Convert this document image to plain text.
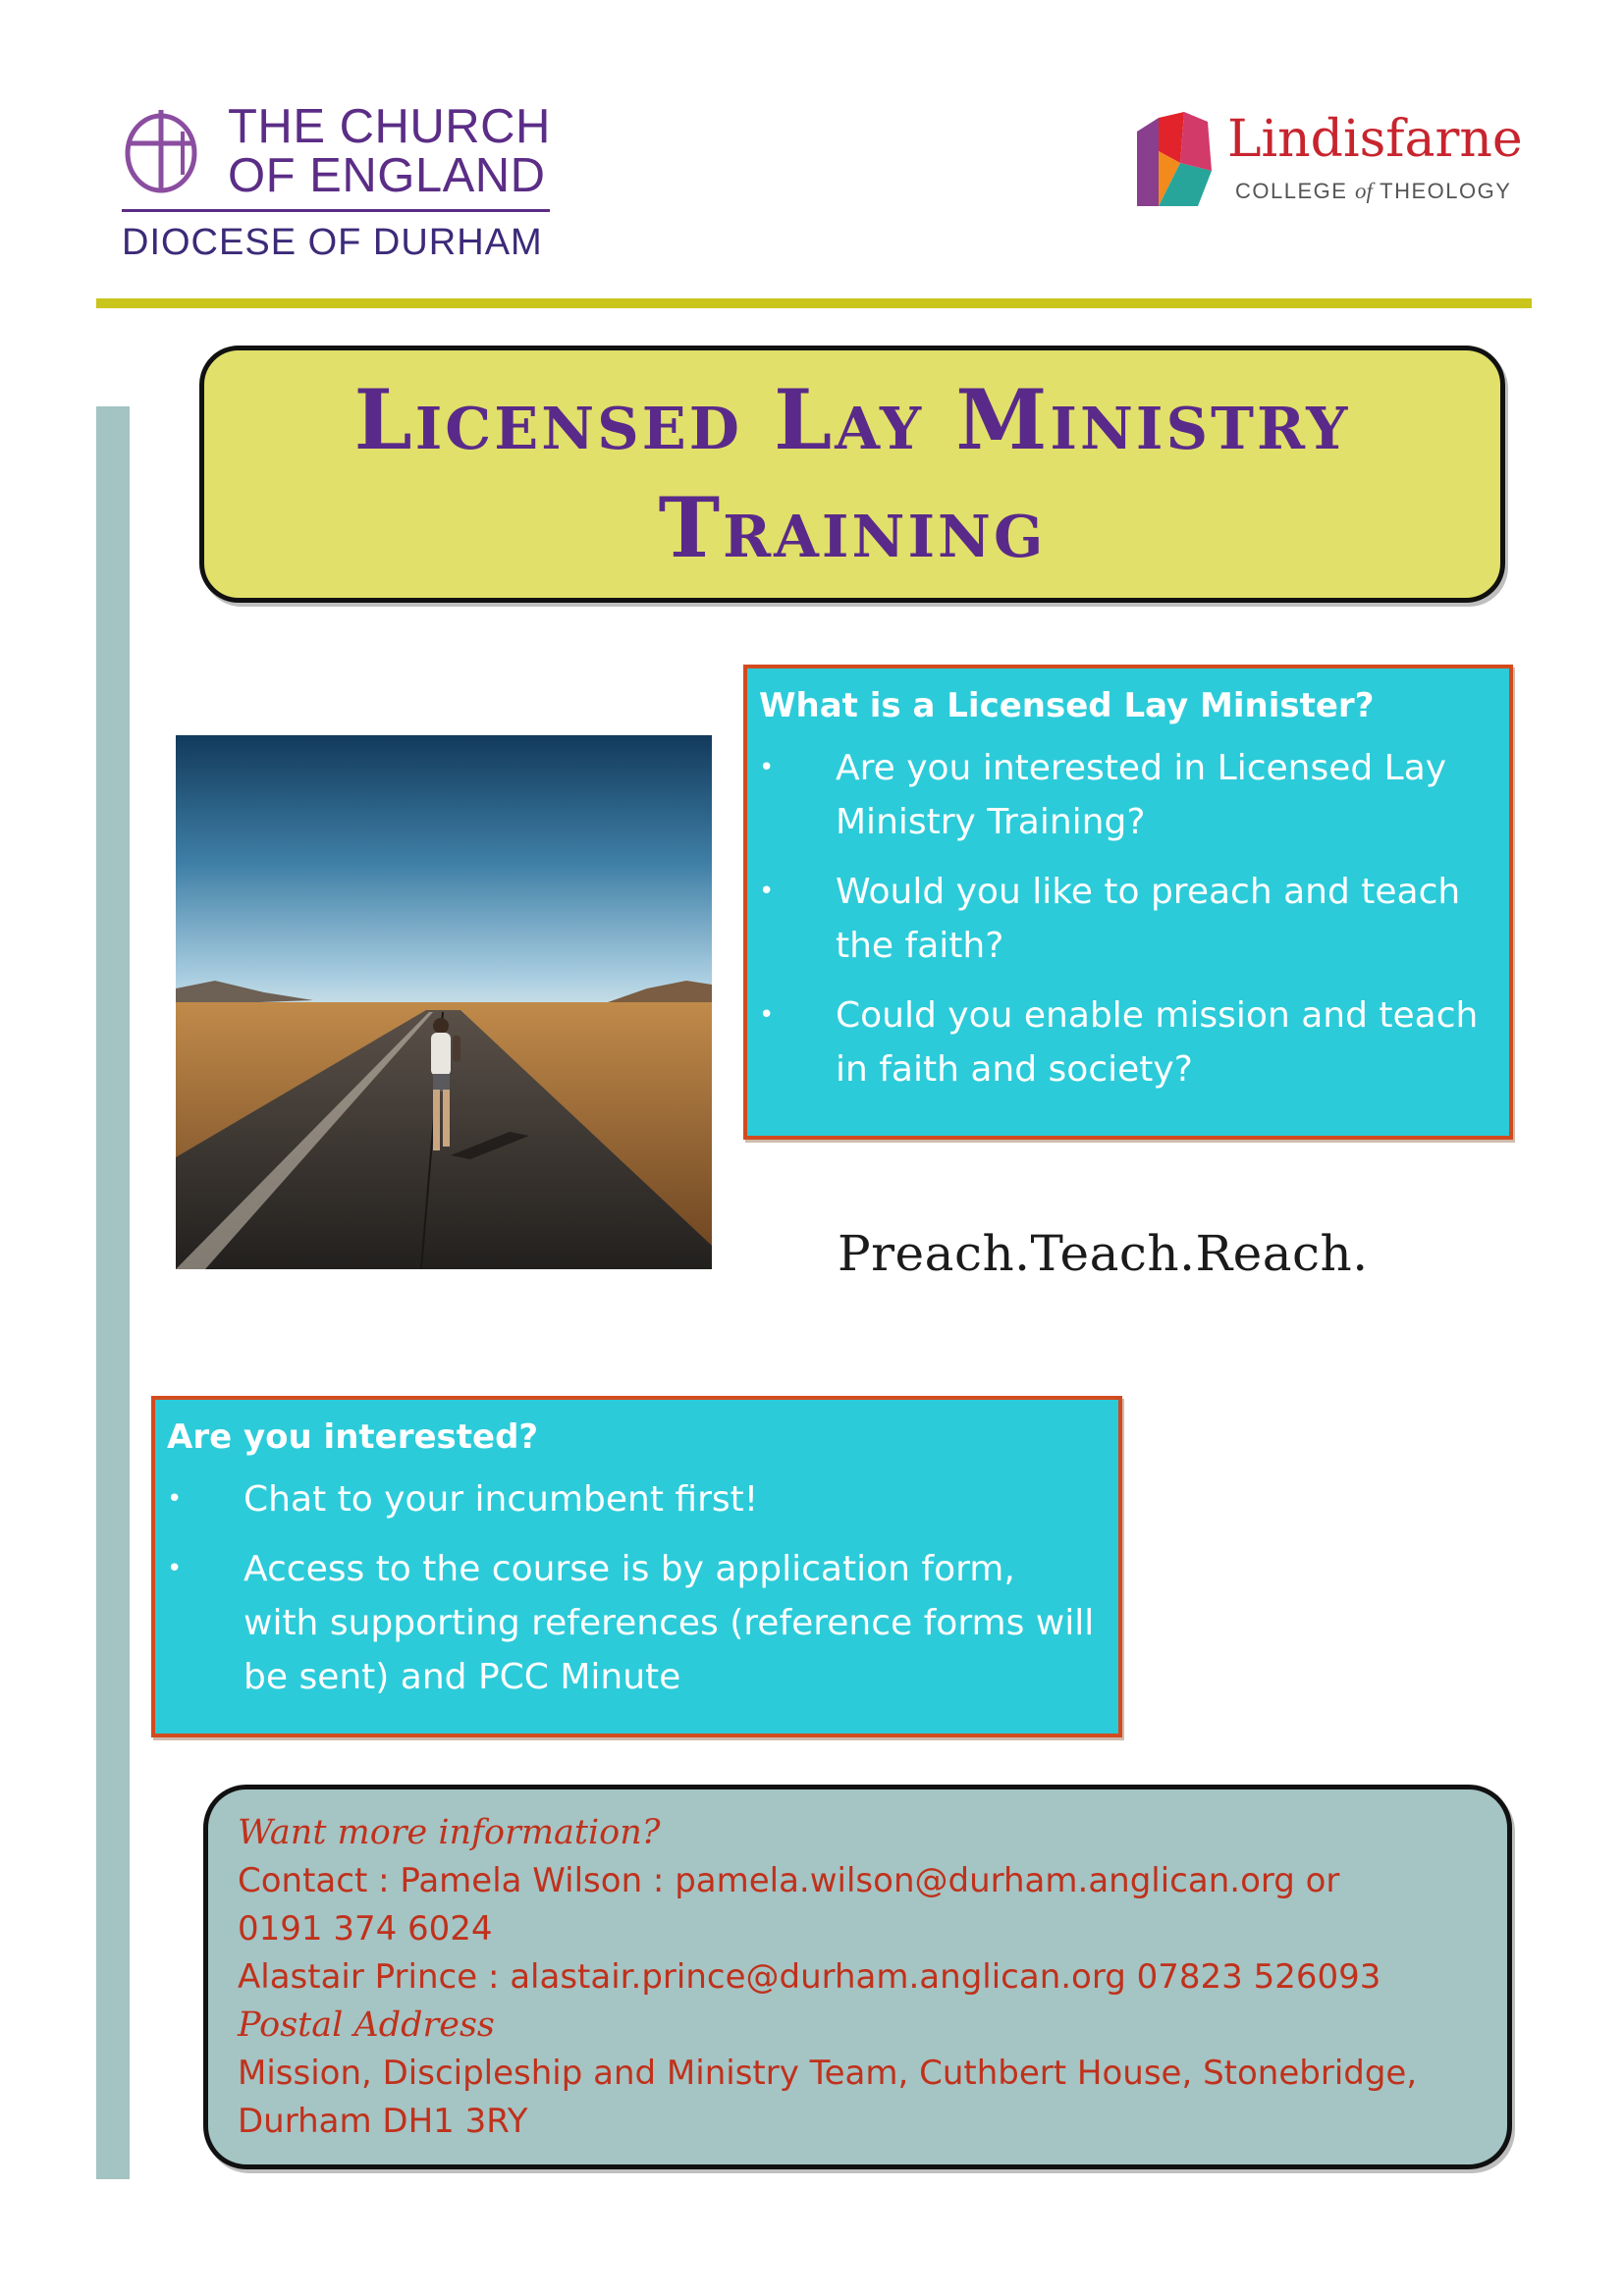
THE CHURCH
OF ENGLAND
DIOCESE OF DURHAM
Lindisfarne
COLLEGE of THEOLOGY
Licensed Lay Ministry
Training
What is a Licensed Lay Minister?
• Are you interested in Licensed Lay Ministry Training?
• Would you like to preach and teach the faith?
• Could you enable mission and teach in faith and society?
Preach.Teach.Reach.
Are you interested?
• Chat to your incumbent first!
• Access to the course is by application form, with supporting references (reference forms will be sent) and PCC Minute
Want more information?
Contact : Pamela Wilson : pamela.wilson@durham.anglican.org or
0191 374 6024
Alastair Prince : alastair.prince@durham.anglican.org 07823 526093
Postal Address
Mission, Discipleship and Ministry Team, Cuthbert House, Stonebridge,
Durham DH1 3RY
